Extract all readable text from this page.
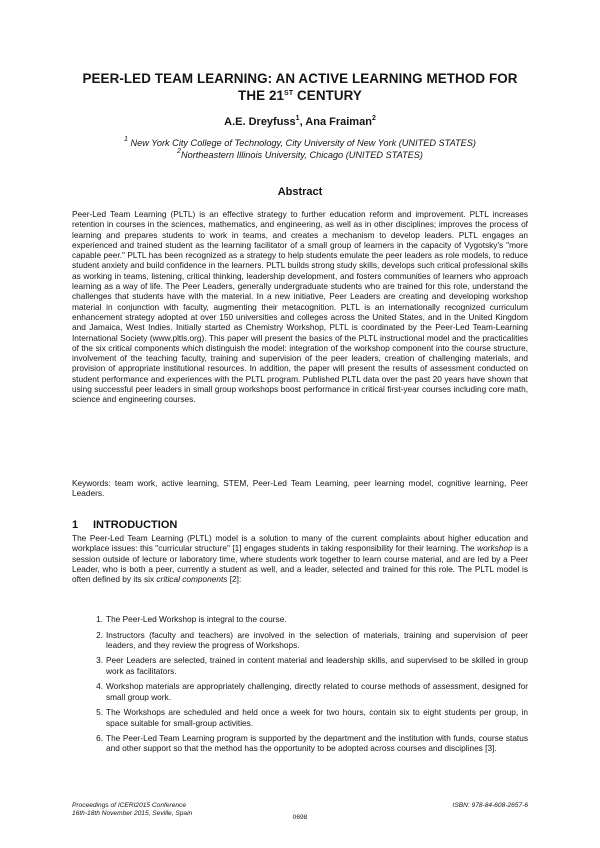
PEER-LED TEAM LEARNING: AN ACTIVE LEARNING METHOD FOR
THE 21ST CENTURY
A.E. Dreyfuss$^1$, Ana Fraiman$^2$
$^1$ New York City College of Technology, City University of New York (UNITED STATES)
$^2$Northeastern Illinois University, Chicago (UNITED STATES)
Abstract
Peer-Led Team Learning (PLTL) is an effective strategy to further education reform and improvement. PLTL increases retention in courses in the sciences, mathematics, and engineering, as well as in other disciplines; improves the process of learning and prepares students to work in teams, and creates a mechanism to develop leaders. PLTL engages an experienced and trained student as the learning facilitator of a small group of learners in the capacity of Vygotsky's "more capable peer." PLTL has been recognized as a strategy to help students emulate the peer leaders as role models, to reduce student anxiety and build confidence in the learners. PLTL builds strong study skills, develops such critical professional skills as working in teams, listening, critical thinking, leadership development, and fosters communities of learners who approach learning as a way of life. The Peer Leaders, generally undergraduate students who are trained for this role, understand the challenges that students have with the material. In a new initiative, Peer Leaders are creating and developing workshop material in conjunction with faculty, augmenting their metacognition. PLTL is an internationally recognized curriculum enhancement strategy adopted at over 150 universities and colleges across the United States, and in the United Kingdom and Jamaica, West Indies. Initially started as Chemistry Workshop, PLTL is coordinated by the Peer-Led Team-Learning International Society (www.pltls.org). This paper will present the basics of the PLTL instructional model and the practicalities of the six critical components which distinguish the model: integration of the workshop component into the course structure, involvement of the teaching faculty, training and supervision of the peer leaders, creation of challenging materials, and provision of appropriate institutional resources. In addition, the paper will present the results of assessment conducted on student performance and experiences with the PLTL program. Published PLTL data over the past 20 years have shown that using successful peer leaders in small group workshops boost performance in critical first-year courses including core math, science and engineering courses.
Keywords: team work, active learning, STEM, Peer-Led Team Learning, peer learning model, cognitive learning, Peer Leaders.
1 INTRODUCTION
The Peer-Led Team Learning (PLTL) model is a solution to many of the current complaints about higher education and workplace issues: this "curricular structure" [1] engages students in taking responsibility for their learning. The workshop is a session outside of lecture or laboratory time, where students work together to learn course material, and are led by a Peer Leader, who is both a peer, currently a student as well, and a leader, selected and trained for this role. The PLTL model is often defined by its six critical components [2]:
1. The Peer-Led Workshop is integral to the course.
2. Instructors (faculty and teachers) are involved in the selection of materials, training and supervision of peer leaders, and they review the progress of Workshops.
3. Peer Leaders are selected, trained in content material and leadership skills, and supervised to be skilled in group work as facilitators.
4. Workshop materials are appropriately challenging, directly related to course methods of assessment, designed for small group work.
5. The Workshops are scheduled and held once a week for two hours, contain six to eight students per group, in space suitable for small-group activities.
6. The Peer-Led Team Learning program is supported by the department and the institution with funds, course status and other support so that the method has the opportunity to be adopted across courses and disciplines [3].
Proceedings of ICERI2015 Conference
16th-18th November 2015, Seville, Spain
0698
ISBN: 978-84-608-2657-6
